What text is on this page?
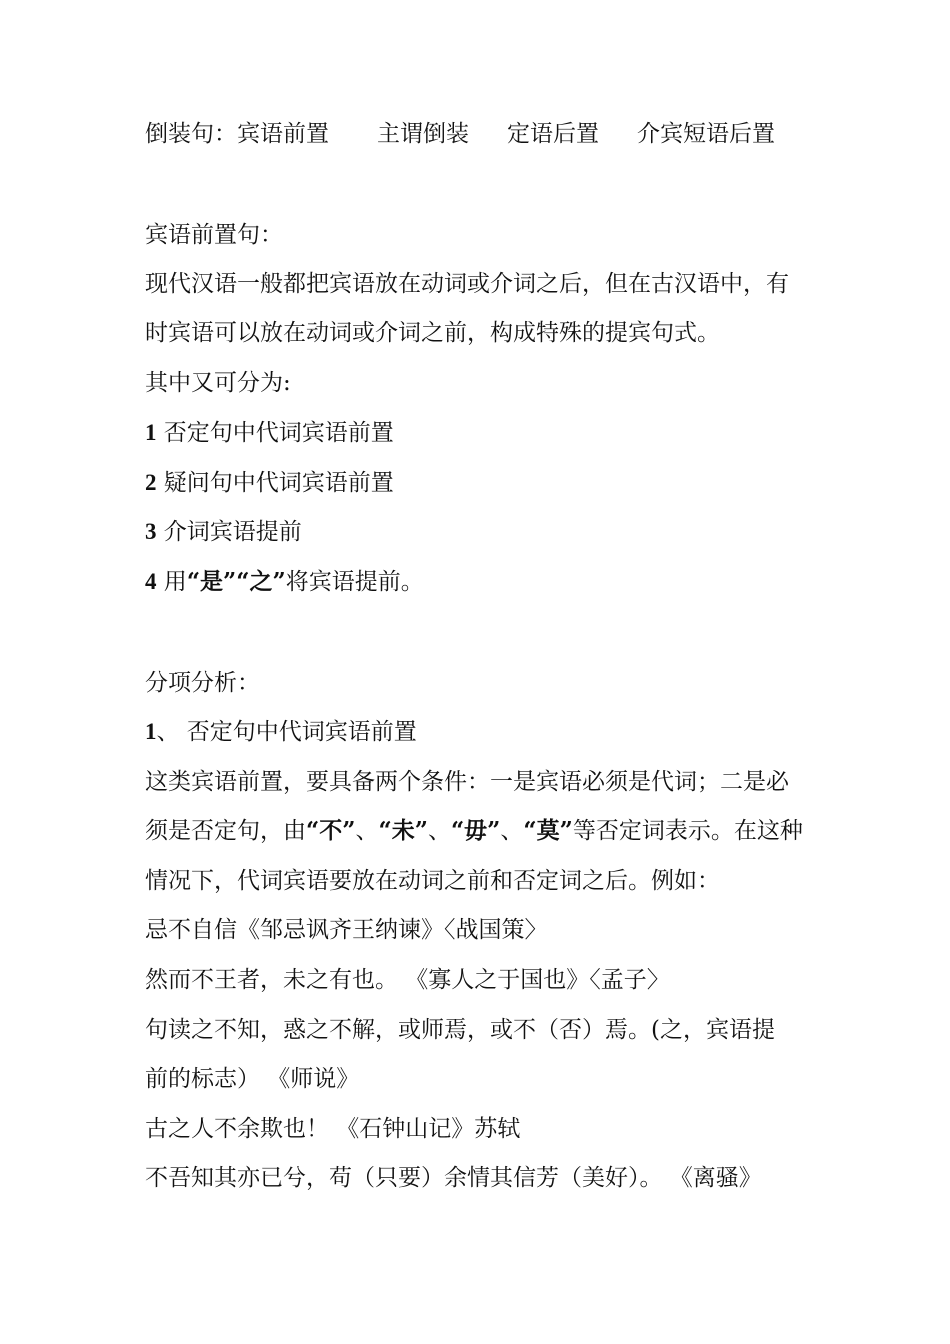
倒装句：宾语前置 主谓倒装 定语后置 介宾短语后置
宾语前置句：
现代汉语一般都把宾语放在动词或介词之后，但在古汉语中，有
时宾语可以放在动词或介词之前，构成特殊的提宾句式。
其中又可分为:
1 否定句中代词宾语前置
2 疑问句中代词宾语前置
3 介词宾语提前
4 用“是”“之”将宾语提前。
分项分析：
1、 否定句中代词宾语前置
这类宾语前置，要具备两个条件：一是宾语必须是代词；二是必
须是否定句，由“不”、“未”、“毋”、“莫”等否定词表示。在这种
情况下，代词宾语要放在动词之前和否定词之后。例如：
忌不自信《邹忌讽齐王纳谏》〈战国策〉
然而不王者，未之有也。 《寡人之于国也》〈孟子〉
句读之不知，惑之不解，或师焉，或不（否）焉。(之，宾语提
前的标志） 《师说》
古之人不余欺也！ 《石钟山记》苏轼
不吾知其亦已兮，苟（只要）余情其信芳（美好）。 《离骚》
